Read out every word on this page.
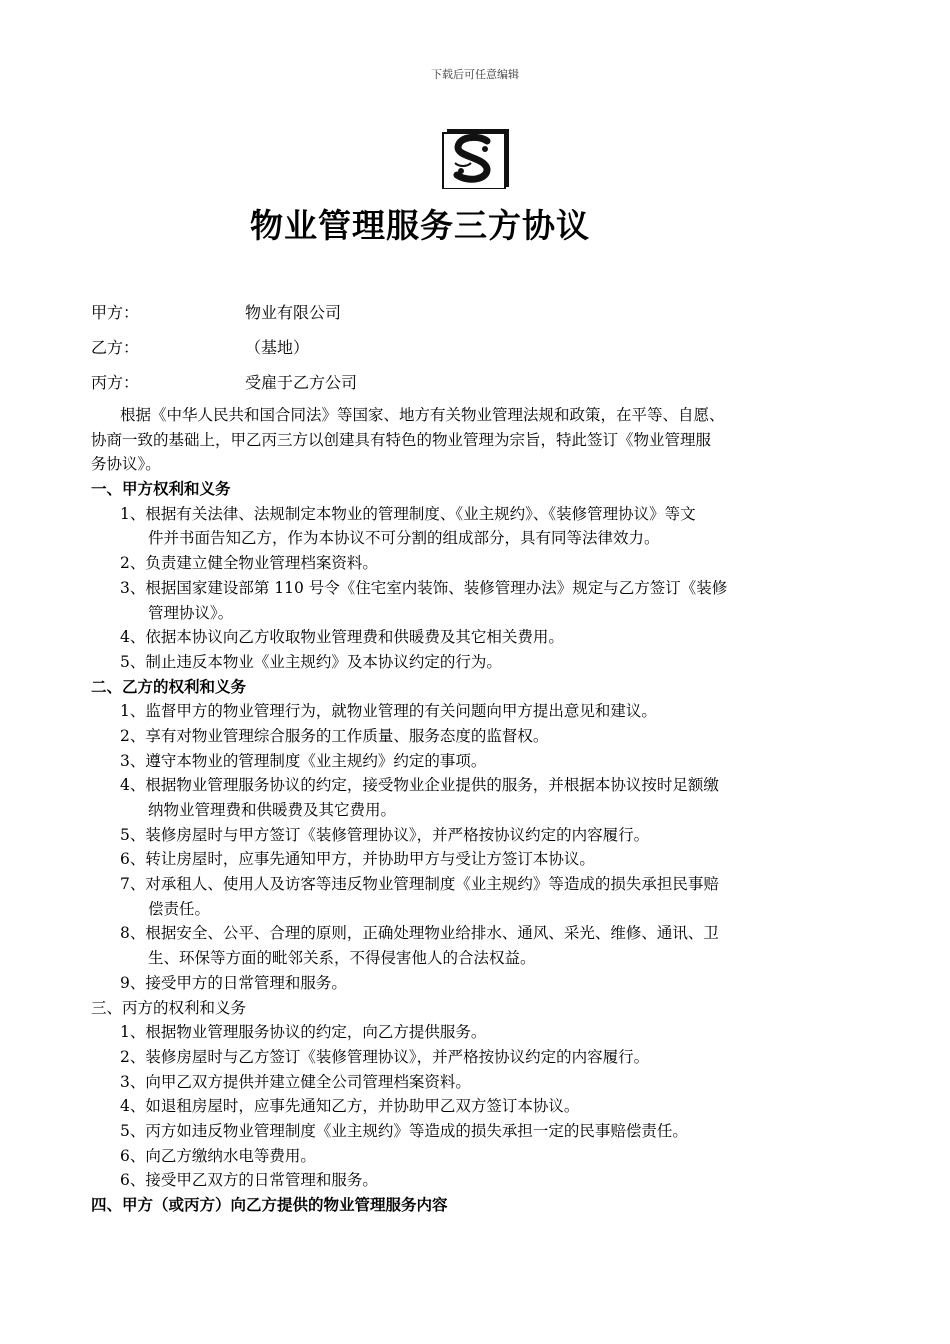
下载后可任意编辑
物业管理服务三方协议
甲方：	物业有限公司
乙方：	（基地）
丙方：	受雇于乙方公司
根据《中华人民共和国合同法》等国家、地方有关物业管理法规和政策，在平等、自愿、
协商一致的基础上，甲乙丙三方以创建具有特色的物业管理为宗旨，特此签订《物业管理服
务协议》。
一、甲方权利和义务
1、根据有关法律、法规制定本物业的管理制度、《业主规约》、《装修管理协议》等文
件并书面告知乙方，作为本协议不可分割的组成部分，具有同等法律效力。
2、负责建立健全物业管理档案资料。
3、根据国家建设部第 110 号令《住宅室内装饰、装修管理办法》规定与乙方签订《装修
管理协议》。
4、依据本协议向乙方收取物业管理费和供暖费及其它相关费用。
5、制止违反本物业《业主规约》及本协议约定的行为。
二、乙方的权利和义务
1、监督甲方的物业管理行为，就物业管理的有关问题向甲方提出意见和建议。
2、享有对物业管理综合服务的工作质量、服务态度的监督权。
3、遵守本物业的管理制度《业主规约》约定的事项。
4、根据物业管理服务协议的约定，接受物业企业提供的服务，并根据本协议按时足额缴
纳物业管理费和供暖费及其它费用。
5、装修房屋时与甲方签订《装修管理协议》，并严格按协议约定的内容履行。
6、转让房屋时，应事先通知甲方，并协助甲方与受让方签订本协议。
7、对承租人、使用人及访客等违反物业管理制度《业主规约》等造成的损失承担民事赔
偿责任。
8、根据安全、公平、合理的原则，正确处理物业给排水、通风、采光、维修、通讯、卫
生、环保等方面的毗邻关系，不得侵害他人的合法权益。
9、接受甲方的日常管理和服务。
三、丙方的权利和义务
1、根据物业管理服务协议的约定，向乙方提供服务。
2、装修房屋时与乙方签订《装修管理协议》，并严格按协议约定的内容履行。
3、向甲乙双方提供并建立健全公司管理档案资料。
4、如退租房屋时，应事先通知乙方，并协助甲乙双方签订本协议。
5、丙方如违反物业管理制度《业主规约》等造成的损失承担一定的民事赔偿责任。
6、向乙方缴纳水电等费用。
6、接受甲乙双方的日常管理和服务。
四、甲方（或丙方）向乙方提供的物业管理服务内容
